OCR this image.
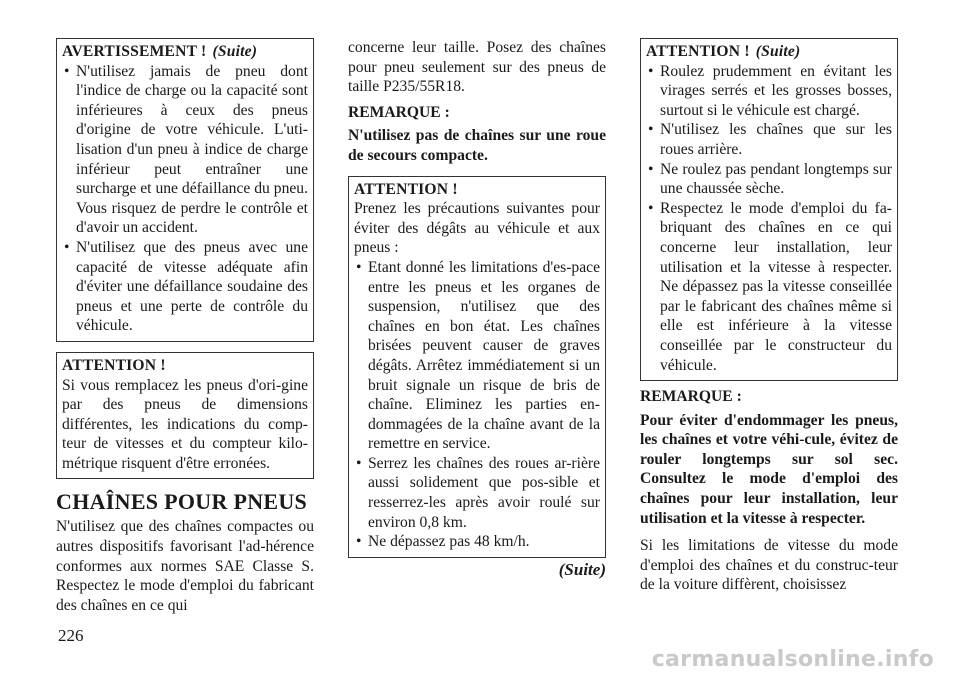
AVERTISSEMENT ! (Suite)
• N'utilisez jamais de pneu dont l'indice de charge ou la capacité sont inférieures à ceux des pneus d'origine de votre véhicule. L'uti-lisation d'un pneu à indice de charge inférieur peut entraîner une surcharge et une défaillance du pneu. Vous risquez de perdre le contrôle et d'avoir un accident.
• N'utilisez que des pneus avec une capacité de vitesse adéquate afin d'éviter une défaillance soudaine des pneus et une perte de contrôle du véhicule.
ATTENTION !

Si vous remplacez les pneus d'ori-gine par des pneus de dimensions différentes, les indications du comp-teur de vitesses et du compteur kilo-métrique risquent d'être erronées.

CHAÎNES POUR PNEUS

N'utilisez que des chaînes compactes ou autres dispositifs favorisant l'ad-hérence conformes aux normes SAE Classe S. Respectez le mode d'emploi du fabricant des chaînes en ce qui

concerne leur taille. Posez des chaînes pour pneu seulement sur des pneus de taille P235/55R18.

REMARQUE :

N'utilisez pas de chaînes sur une roue de secours compacte.

ATTENTION !

Prenez les précautions suivantes pour éviter des dégâts au véhicule et aux pneus :

• Etant donné les limitations d'es-pace entre les pneus et les organes de suspension, n'utilisez que des chaînes en bon état. Les chaînes brisées peuvent causer de graves dégâts. Arrêtez immédiatement si un bruit signale un risque de bris de chaîne. Eliminez les parties en-dommagées de la chaîne avant de la remettre en service.
• Serrez les chaînes des roues ar-rière aussi solidement que pos-sible et resserrez-les après avoir roulé sur environ 0,8 km.
• Ne dépassez pas 48 km/h.
(Suite)
ATTENTION ! (Suite)
• Roulez prudemment en évitant les virages serrés et les grosses bosses, surtout si le véhicule est chargé.
• N'utilisez les chaînes que sur les roues arrière.
• Ne roulez pas pendant longtemps sur une chaussée sèche.
• Respectez le mode d'emploi du fa-briquant des chaînes en ce qui concerne leur installation, leur utilisation et la vitesse à respecter. Ne dépassez pas la vitesse conseillée par le fabricant des chaînes même si elle est inférieure à la vitesse conseillée par le constructeur du véhicule.
REMARQUE :

Pour éviter d'endommager les pneus, les chaînes et votre véhi-cule, évitez de rouler longtemps sur sol sec. Consultez le mode d'emploi des chaînes pour leur installation, leur utilisation et la vitesse à respecter.

Si les limitations de vitesse du mode d'emploi des chaînes et du construc-teur de la voiture diffèrent, choisissez

226
carmanualsonline.info
